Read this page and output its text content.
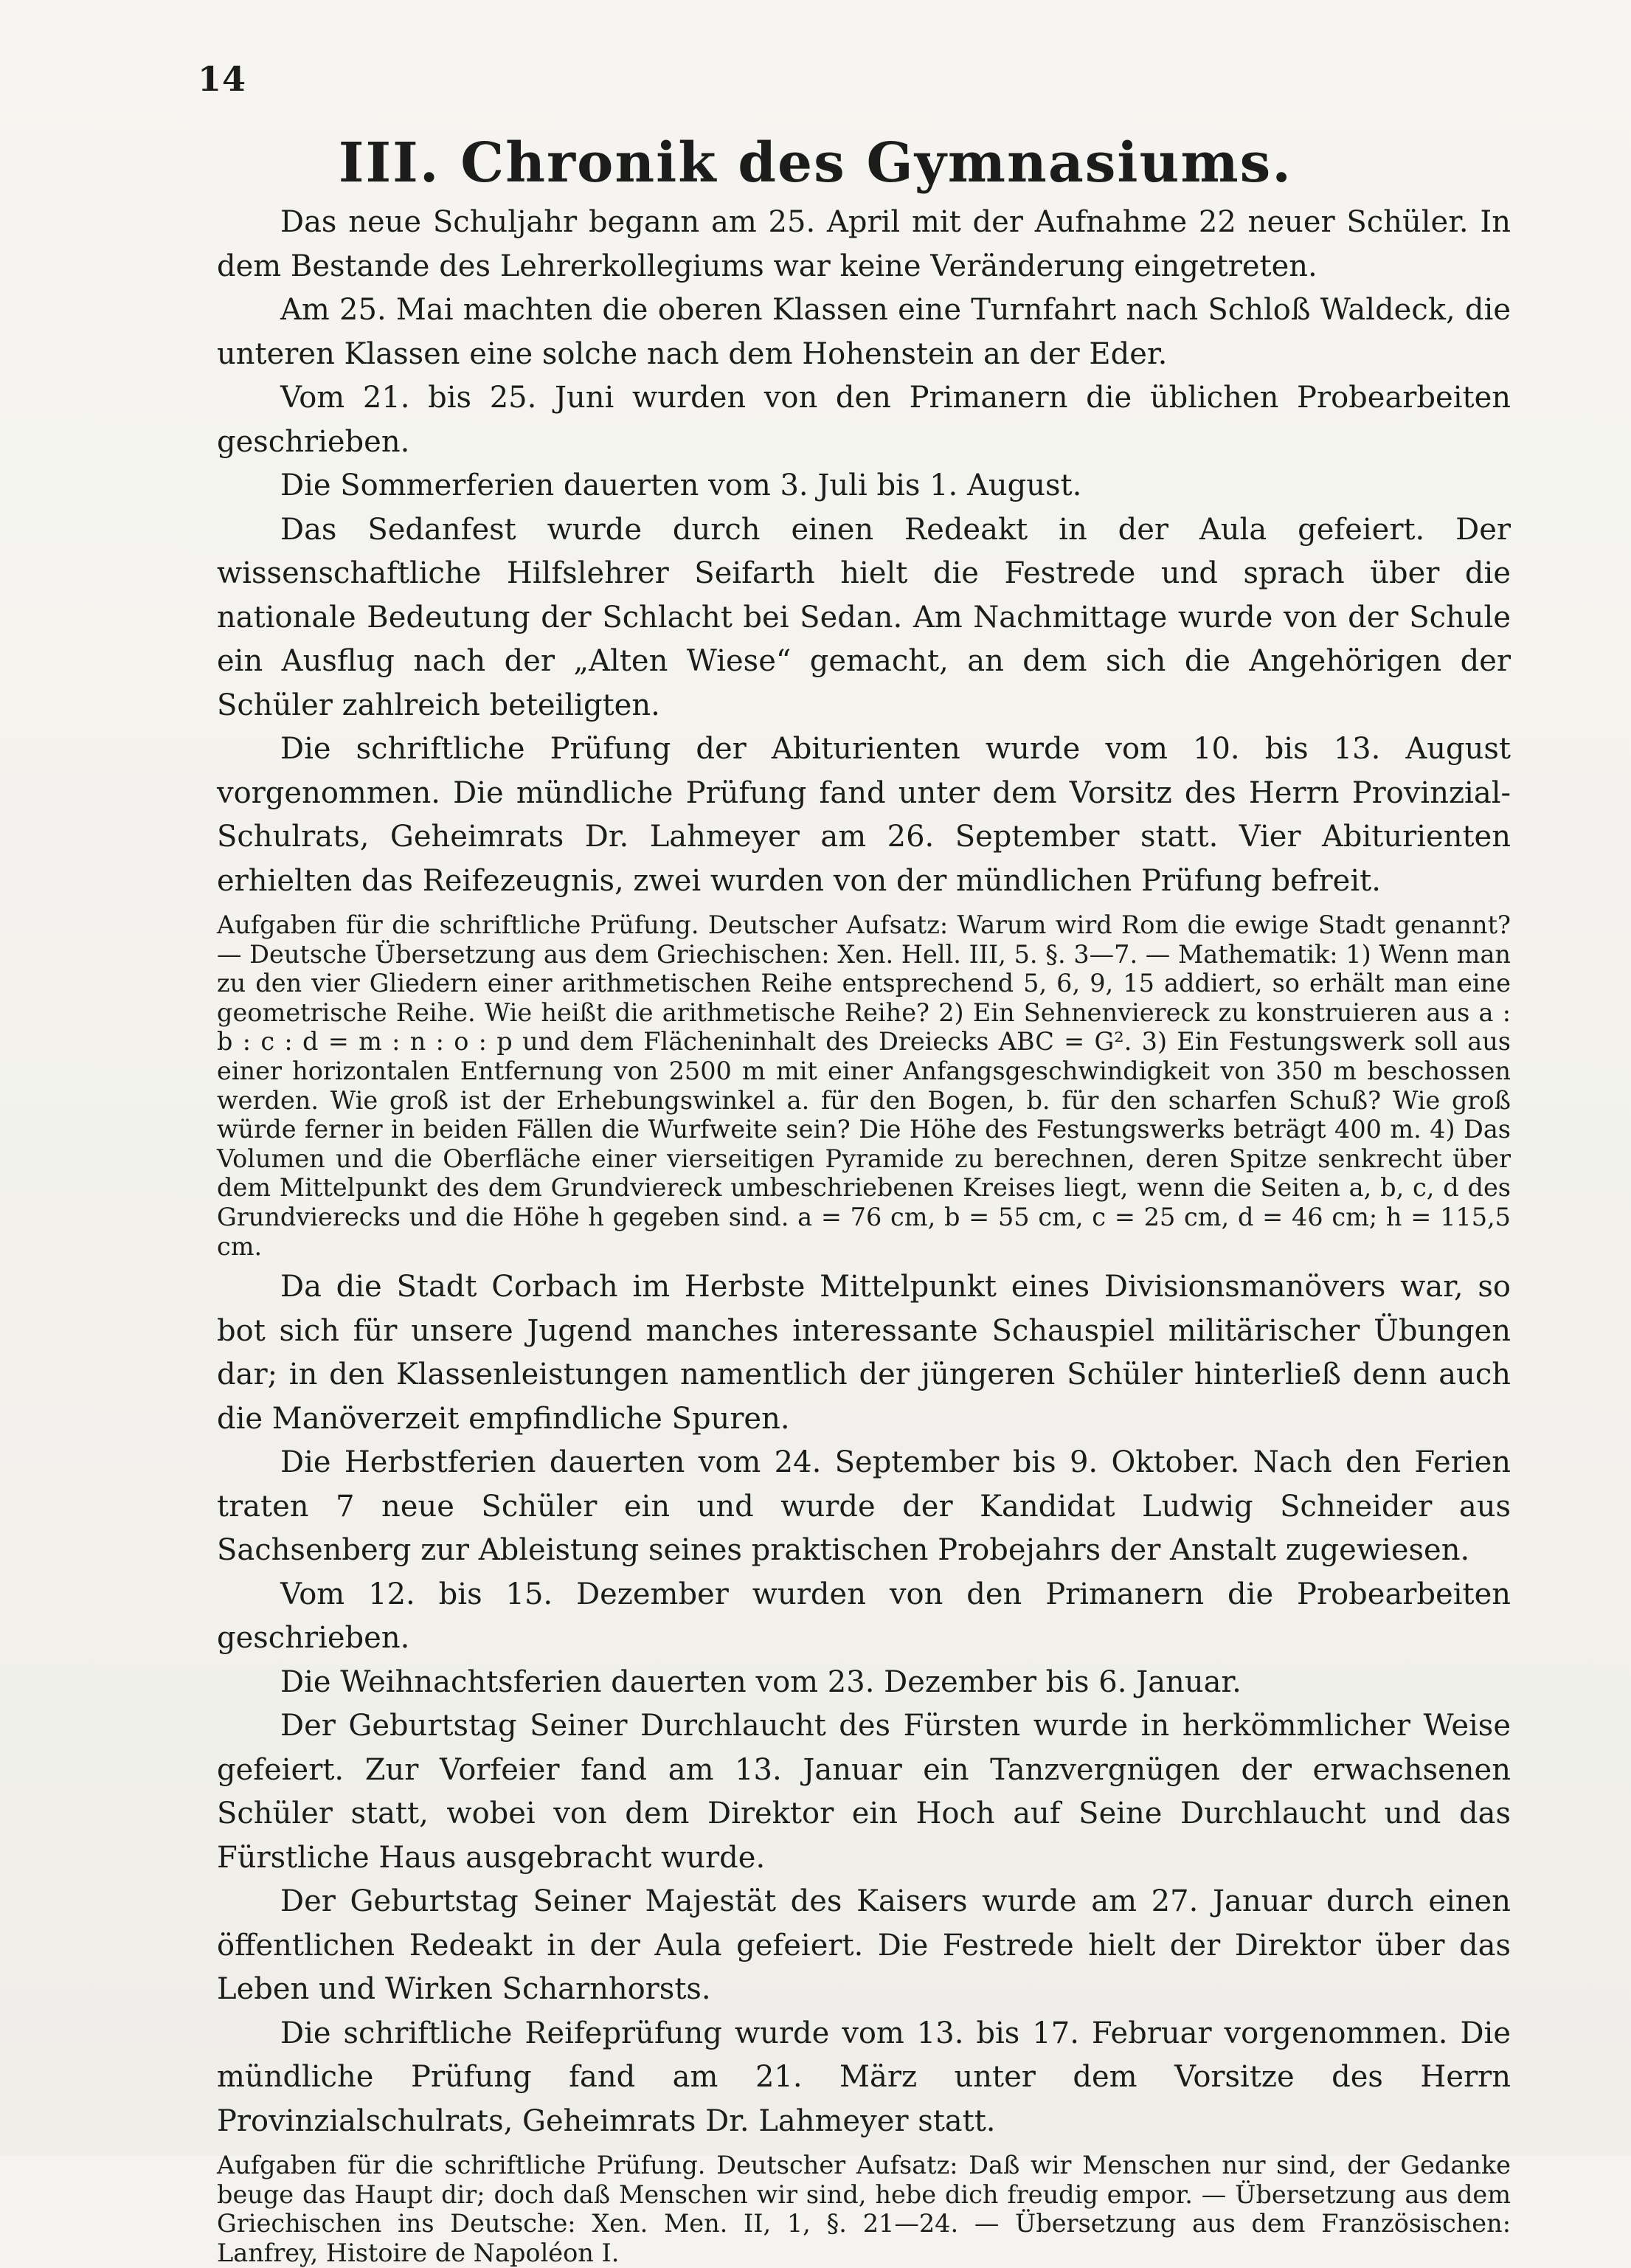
14
III. Chronik des Gymnasiums.

Das neue Schuljahr begann am 25. April mit der Aufnahme 22 neuer Schüler. In dem Bestande des Lehrerkollegiums war keine Veränderung eingetreten.

Am 25. Mai machten die oberen Klassen eine Turnfahrt nach Schloß Waldeck, die unteren Klassen eine solche nach dem Hohenstein an der Eder.

Vom 21. bis 25. Juni wurden von den Primanern die üblichen Probearbeiten geschrieben.

Die Sommerferien dauerten vom 3. Juli bis 1. August.

Das Sedanfest wurde durch einen Redeakt in der Aula gefeiert. Der wissenschaftliche Hilfslehrer Seifarth hielt die Festrede und sprach über die nationale Bedeutung der Schlacht bei Sedan. Am Nachmittage wurde von der Schule ein Ausflug nach der „Alten Wiese“ gemacht, an dem sich die Angehörigen der Schüler zahlreich beteiligten.

Die schriftliche Prüfung der Abiturienten wurde vom 10. bis 13. August vorgenommen. Die mündliche Prüfung fand unter dem Vorsitz des Herrn Provinzial-Schulrats, Geheimrats Dr. Lahmeyer am 26. September statt. Vier Abiturienten erhielten das Reifezeugnis, zwei wurden von der mündlichen Prüfung befreit.

Aufgaben für die schriftliche Prüfung. Deutscher Aufsatz: Warum wird Rom die ewige Stadt genannt? — Deutsche Übersetzung aus dem Griechischen: Xen. Hell. III, 5. §. 3—7. — Mathematik: 1) Wenn man zu den vier Gliedern einer arithmetischen Reihe entsprechend 5, 6, 9, 15 addiert, so erhält man eine geometrische Reihe. Wie heißt die arithmetische Reihe? 2) Ein Sehnenviereck zu konstruieren aus a : b : c : d = m : n : o : p und dem Flächeninhalt des Dreiecks ABC = G². 3) Ein Festungswerk soll aus einer horizontalen Entfernung von 2500 m mit einer Anfangsgeschwindigkeit von 350 m beschossen werden. Wie groß ist der Erhebungswinkel a. für den Bogen, b. für den scharfen Schuß? Wie groß würde ferner in beiden Fällen die Wurfweite sein? Die Höhe des Festungswerks beträgt 400 m. 4) Das Volumen und die Oberfläche einer vierseitigen Pyramide zu berechnen, deren Spitze senkrecht über dem Mittelpunkt des dem Grundviereck umbeschriebenen Kreises liegt, wenn die Seiten a, b, c, d des Grundvierecks und die Höhe h gegeben sind. a = 76 cm, b = 55 cm, c = 25 cm, d = 46 cm; h = 115,5 cm.

Da die Stadt Corbach im Herbste Mittelpunkt eines Divisionsmanövers war, so bot sich für unsere Jugend manches interessante Schauspiel militärischer Übungen dar; in den Klassenleistungen namentlich der jüngeren Schüler hinterließ denn auch die Manöverzeit empfindliche Spuren.

Die Herbstferien dauerten vom 24. September bis 9. Oktober. Nach den Ferien traten 7 neue Schüler ein und wurde der Kandidat Ludwig Schneider aus Sachsenberg zur Ableistung seines praktischen Probejahrs der Anstalt zugewiesen.

Vom 12. bis 15. Dezember wurden von den Primanern die Probearbeiten geschrieben.

Die Weihnachtsferien dauerten vom 23. Dezember bis 6. Januar.

Der Geburtstag Seiner Durchlaucht des Fürsten wurde in herkömmlicher Weise gefeiert. Zur Vorfeier fand am 13. Januar ein Tanzvergnügen der erwachsenen Schüler statt, wobei von dem Direktor ein Hoch auf Seine Durchlaucht und das Fürstliche Haus ausgebracht wurde.

Der Geburtstag Seiner Majestät des Kaisers wurde am 27. Januar durch einen öffentlichen Redeakt in der Aula gefeiert. Die Festrede hielt der Direktor über das Leben und Wirken Scharnhorsts.

Die schriftliche Reifeprüfung wurde vom 13. bis 17. Februar vorgenommen. Die mündliche Prüfung fand am 21. März unter dem Vorsitze des Herrn Provinzialschulrats, Geheimrats Dr. Lahmeyer statt.

Aufgaben für die schriftliche Prüfung. Deutscher Aufsatz: Daß wir Menschen nur sind, der Gedanke beuge das Haupt dir; doch daß Menschen wir sind, hebe dich freudig empor. — Übersetzung aus dem Griechischen ins Deutsche: Xen. Men. II, 1, §. 21—24. — Übersetzung aus dem Französischen: Lanfrey, Histoire de Napoléon I.
